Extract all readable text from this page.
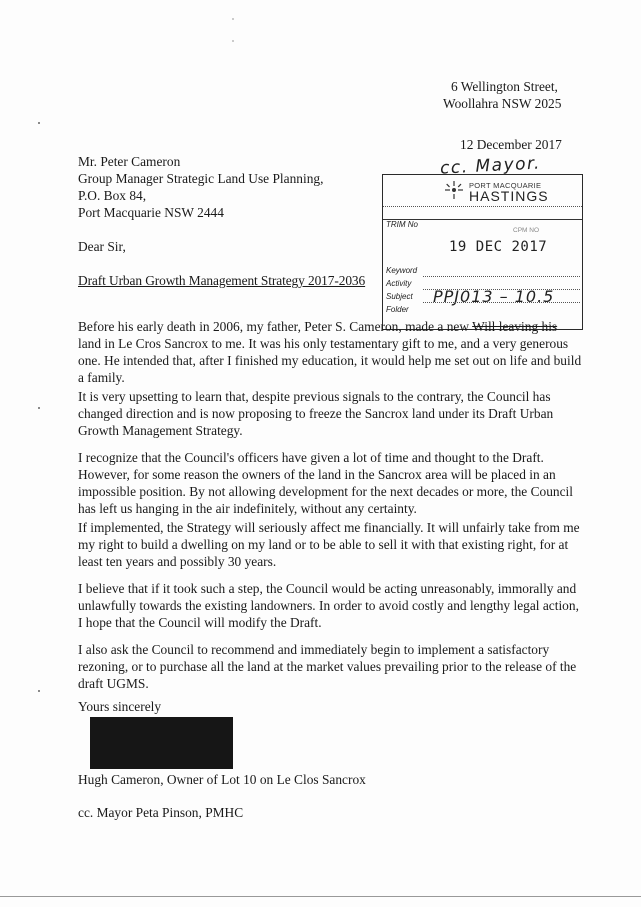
6 Wellington Street,
Woollahra NSW 2025
12 December 2017
cc. Mayor.
Mr. Peter Cameron
Group Manager Strategic Land Use Planning,
P.O. Box 84,
Port Macquarie NSW 2444
PORT MACQUARIE
HASTINGS
TRIM No
CPM NO
19 DEC 2017
Keyword
Activity
Subject PPJ013 – 10.5
Folder
Dear Sir,
Draft Urban Growth Management Strategy 2017-2036
Before his early death in 2006, my father, Peter S. Cameron, made a new Will leaving his
land in Le Cros Sancrox to me. It was his only testamentary gift to me, and a very generous
one. He intended that, after I finished my education, it would help me set out on life and build
a family.
It is very upsetting to learn that, despite previous signals to the contrary, the Council has
changed direction and is now proposing to freeze the Sancrox land under its Draft Urban
Growth Management Strategy.
I recognize that the Council's officers have given a lot of time and thought to the Draft.
However, for some reason the owners of the land in the Sancrox area will be placed in an
impossible position. By not allowing development for the next decades or more, the Council
has left us hanging in the air indefinitely, without any certainty.
If implemented, the Strategy will seriously affect me financially. It will unfairly take from me
my right to build a dwelling on my land or to be able to sell it with that existing right, for at
least ten years and possibly 30 years.
I believe that if it took such a step, the Council would be acting unreasonably, immorally and
unlawfully towards the existing landowners. In order to avoid costly and lengthy legal action,
I hope that the Council will modify the Draft.
I also ask the Council to recommend and immediately begin to implement a satisfactory
rezoning, or to purchase all the land at the market values prevailing prior to the release of the
draft UGMS.
Yours sincerely
Hugh Cameron, Owner of Lot 10 on Le Clos Sancrox
cc. Mayor Peta Pinson, PMHC
